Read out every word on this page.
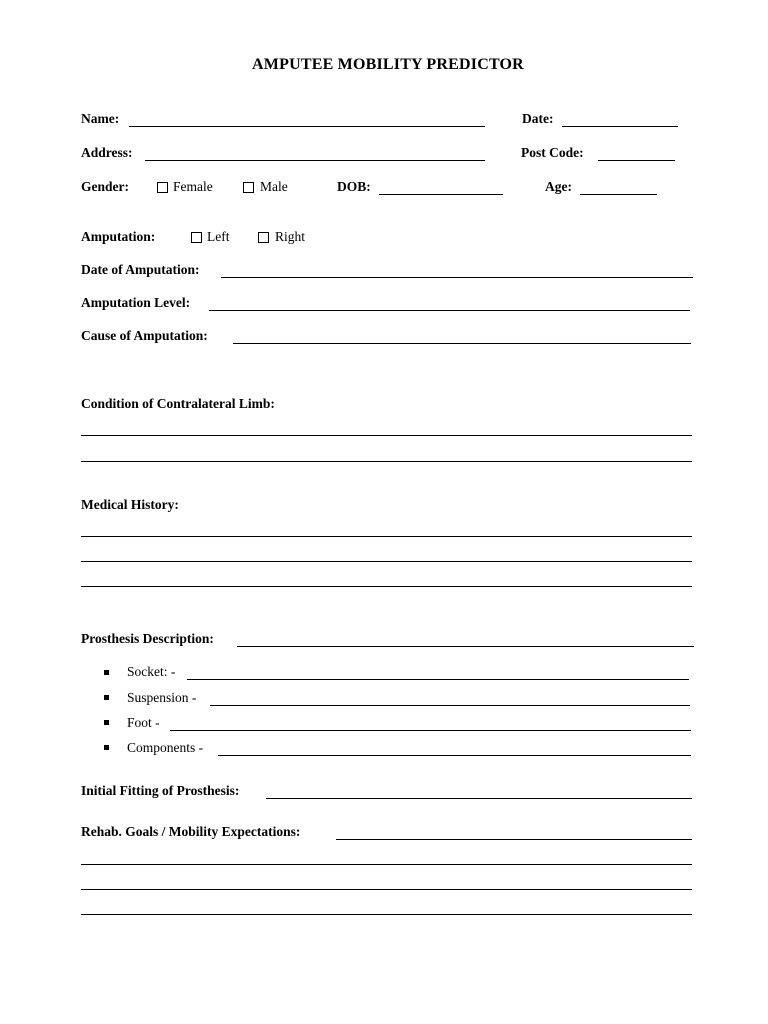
AMPUTEE MOBILITY PREDICTOR
Name:	Date:
Address:	Post Code:
Gender:	Female	Male	DOB:	Age:
Amputation:	Left	Right
Date of Amputation:
Amputation Level:
Cause of Amputation:
Condition of Contralateral Limb:
Medical History:
Prosthesis Description:
Socket: -
Suspension -
Foot -
Components -
Initial Fitting of Prosthesis:
Rehab. Goals / Mobility Expectations:
